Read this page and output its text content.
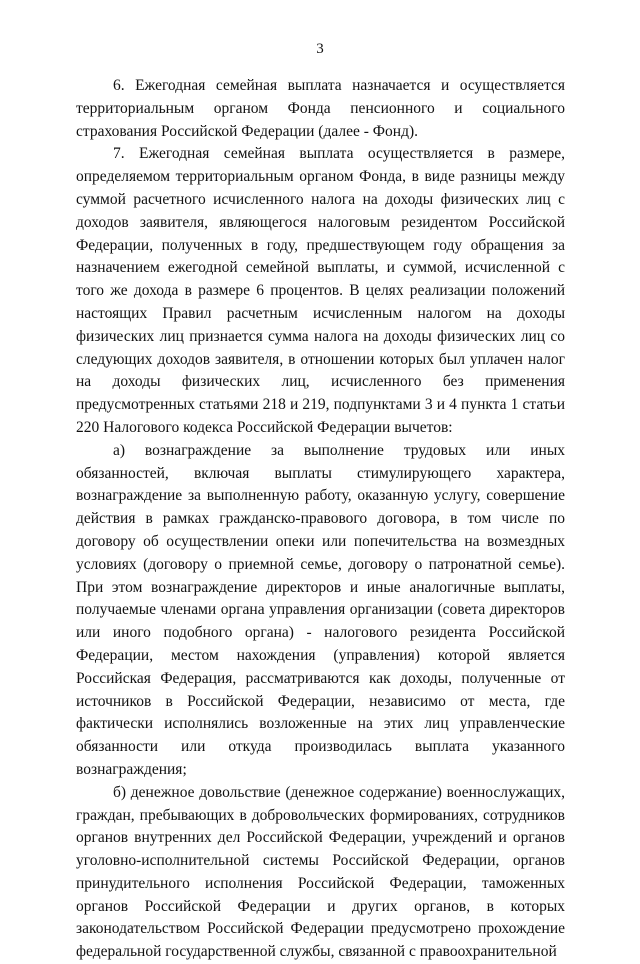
3

6. Ежегодная семейная выплата назначается и осуществляется территориальным органом Фонда пенсионного и социального страхования Российской Федерации (далее - Фонд).

7. Ежегодная семейная выплата осуществляется в размере, определяемом территориальным органом Фонда, в виде разницы между суммой расчетного исчисленного налога на доходы физических лиц с доходов заявителя, являющегося налоговым резидентом Российской Федерации, полученных в году, предшествующем году обращения за назначением ежегодной семейной выплаты, и суммой, исчисленной с того же дохода в размере 6 процентов. В целях реализации положений настоящих Правил расчетным исчисленным налогом на доходы физических лиц признается сумма налога на доходы физических лиц со следующих доходов заявителя, в отношении которых был уплачен налог на доходы физических лиц, исчисленного без применения предусмотренных статьями 218 и 219, подпунктами 3 и 4 пункта 1 статьи 220 Налогового кодекса Российской Федерации вычетов:

а) вознаграждение за выполнение трудовых или иных обязанностей, включая выплаты стимулирующего характера, вознаграждение за выполненную работу, оказанную услугу, совершение действия в рамках гражданско-правового договора, в том числе по договору об осуществлении опеки или попечительства на возмездных условиях (договору о приемной семье, договору о патронатной семье). При этом вознаграждение директоров и иные аналогичные выплаты, получаемые членами органа управления организации (совета директоров или иного подобного органа) - налогового резидента Российской Федерации, местом нахождения (управления) которой является Российская Федерация, рассматриваются как доходы, полученные от источников в Российской Федерации, независимо от места, где фактически исполнялись возложенные на этих лиц управленческие обязанности или откуда производилась выплата указанного вознаграждения;

б) денежное довольствие (денежное содержание) военнослужащих, граждан, пребывающих в добровольческих формированиях, сотрудников органов внутренних дел Российской Федерации, учреждений и органов уголовно-исполнительной системы Российской Федерации, органов принудительного исполнения Российской Федерации, таможенных органов Российской Федерации и других органов, в которых законодательством Российской Федерации предусмотрено прохождение федеральной государственной службы, связанной с правоохранительной
